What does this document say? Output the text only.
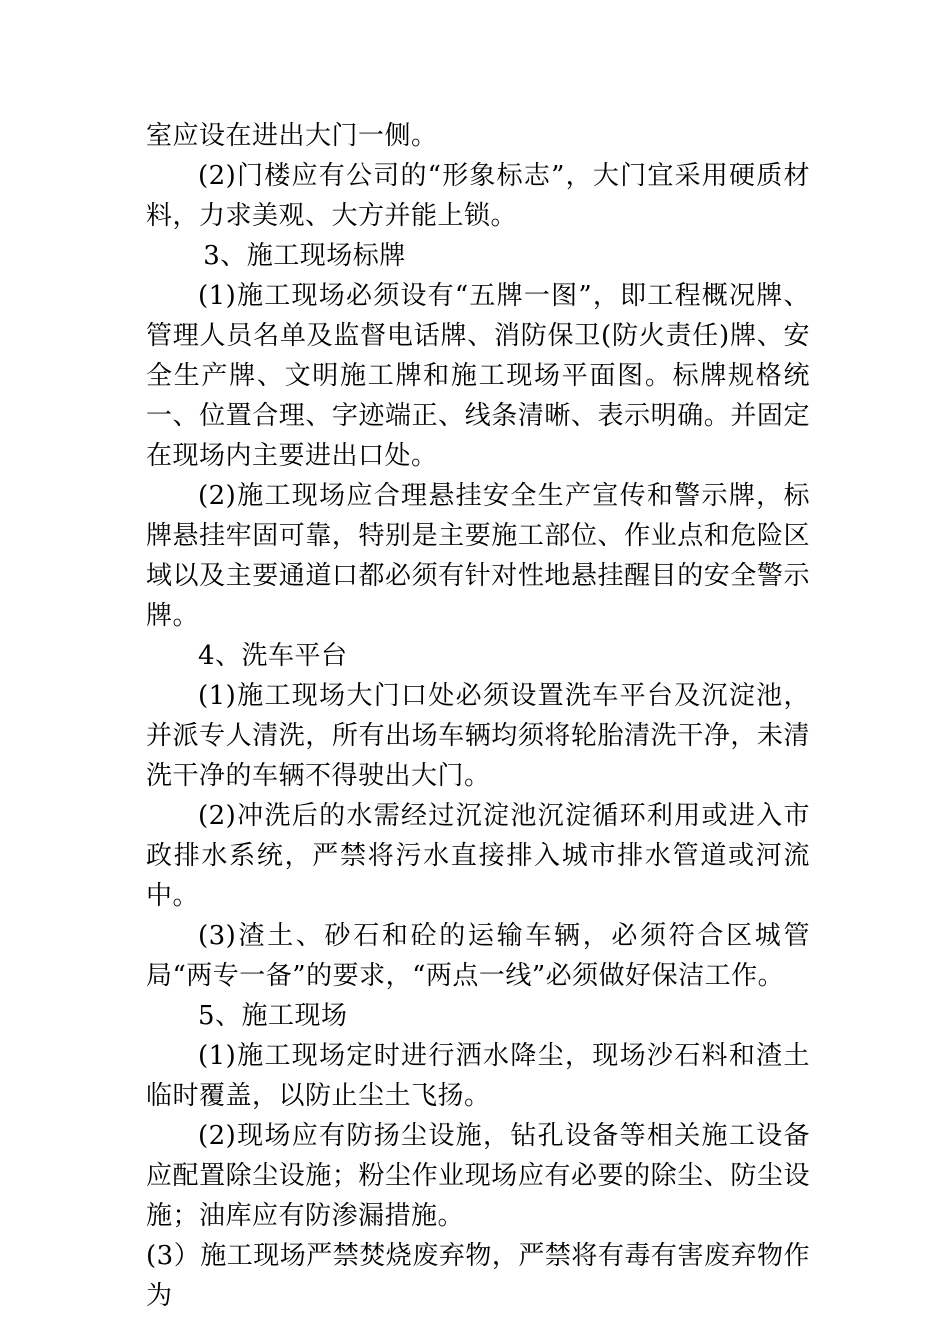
室应设在进出大门一侧。

(2)门楼应有公司的“形象标志”，大门宜采用硬质材料，力求美观、大方并能上锁。

3、施工现场标牌

(1)施工现场必须设有“五牌一图”，即工程概况牌、管理人员名单及监督电话牌、消防保卫(防火责任)牌、安全生产牌、文明施工牌和施工现场平面图。标牌规格统一、位置合理、字迹端正、线条清晰、表示明确。并固定在现场内主要进出口处。

(2)施工现场应合理悬挂安全生产宣传和警示牌，标牌悬挂牢固可靠，特别是主要施工部位、作业点和危险区域以及主要通道口都必须有针对性地悬挂醒目的安全警示牌。

4、洗车平台

(1)施工现场大门口处必须设置洗车平台及沉淀池，并派专人清洗，所有出场车辆均须将轮胎清洗干净，未清洗干净的车辆不得驶出大门。

(2)冲洗后的水需经过沉淀池沉淀循环利用或进入市政排水系统，严禁将污水直接排入城市排水管道或河流中。

(3)渣土、砂石和砼的运输车辆，必须符合区城管局“两专一备”的要求，“两点一线”必须做好保洁工作。

5、施工现场

(1)施工现场定时进行洒水降尘，现场沙石料和渣土临时覆盖，以防止尘土飞扬。

(2)现场应有防扬尘设施，钻孔设备等相关施工设备应配置除尘设施；粉尘作业现场应有必要的除尘、防尘设施；油库应有防渗漏措施。

(3）施工现场严禁焚烧废弃物，严禁将有毒有害废弃物作为
